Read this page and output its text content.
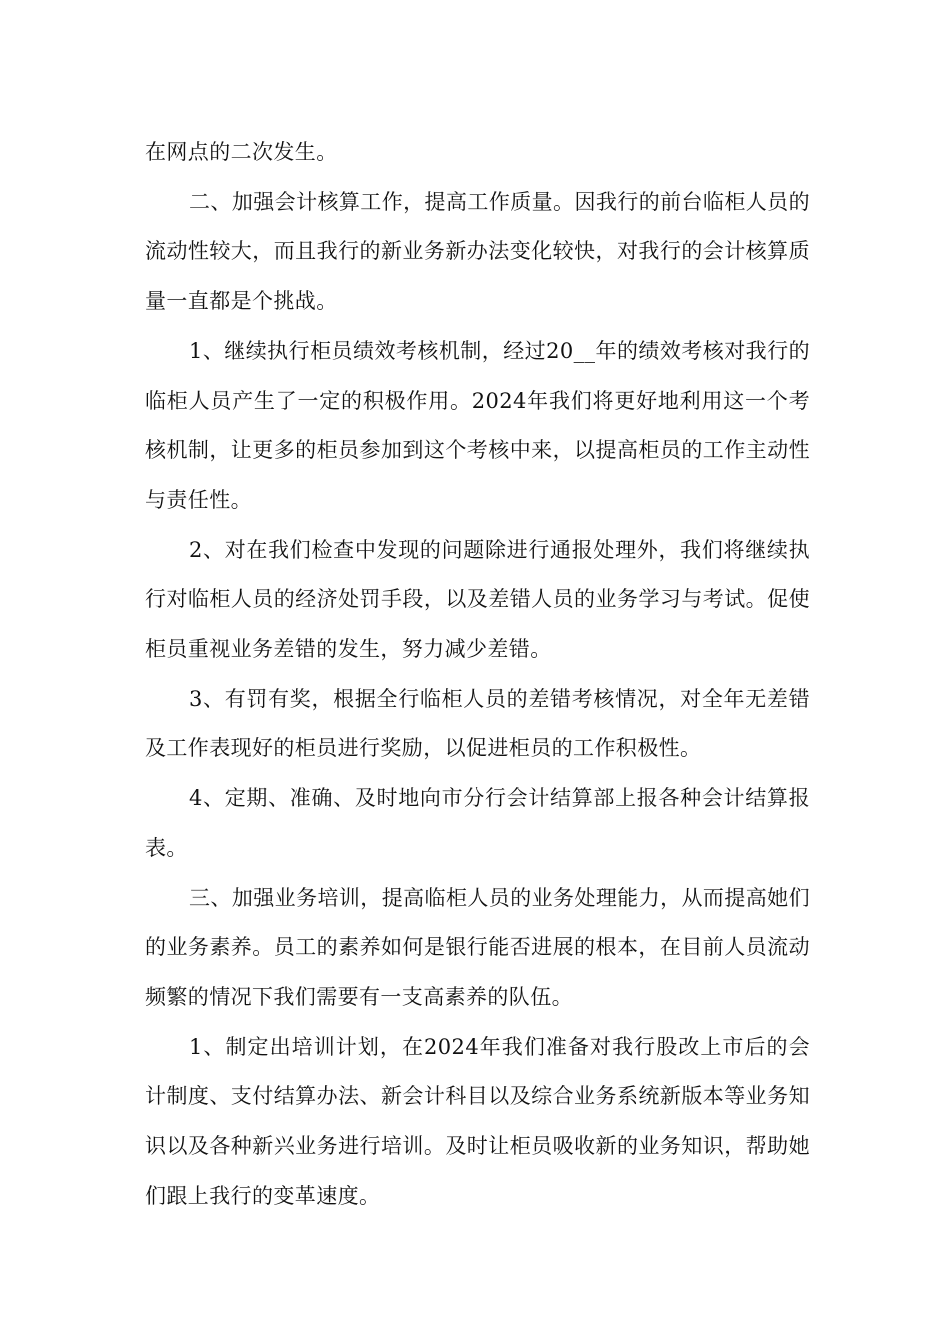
在网点的二次发生。

二、加强会计核算工作，提高工作质量。因我行的前台临柜人员的流动性较大，而且我行的新业务新办法变化较快，对我行的会计核算质量一直都是个挑战。

1、继续执行柜员绩效考核机制，经过20__年的绩效考核对我行的临柜人员产生了一定的积极作用。2024年我们将更好地利用这一个考核机制，让更多的柜员参加到这个考核中来，以提高柜员的工作主动性与责任性。

2、对在我们检查中发现的问题除进行通报处理外，我们将继续执行对临柜人员的经济处罚手段，以及差错人员的业务学习与考试。促使柜员重视业务差错的发生，努力减少差错。

3、有罚有奖，根据全行临柜人员的差错考核情况，对全年无差错及工作表现好的柜员进行奖励，以促进柜员的工作积极性。

4、定期、准确、及时地向市分行会计结算部上报各种会计结算报表。

三、加强业务培训，提高临柜人员的业务处理能力，从而提高她们的业务素养。员工的素养如何是银行能否进展的根本，在目前人员流动频繁的情况下我们需要有一支高素养的队伍。

1、制定出培训计划，在2024年我们准备对我行股改上市后的会计制度、支付结算办法、新会计科目以及综合业务系统新版本等业务知识以及各种新兴业务进行培训。及时让柜员吸收新的业务知识，帮助她们跟上我行的变革速度。
